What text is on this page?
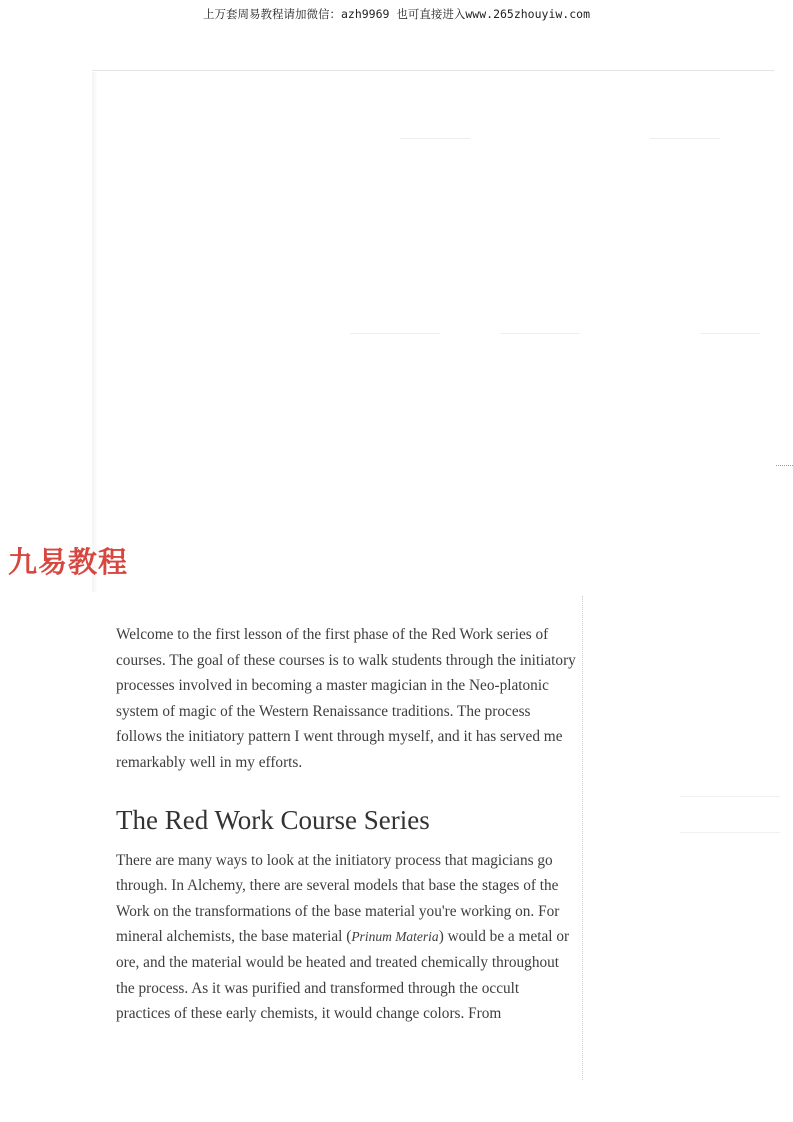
上万套周易教程请加微信：azh9969 也可直接进入www.265zhouyiw.com
九易教程

Welcome to the first lesson of the first phase of the Red Work series of courses. The goal of these courses is to walk students through the initiatory processes involved in becoming a master magician in the Neo-platonic system of magic of the Western Renaissance traditions. The process follows the initiatory pattern I went through myself, and it has served me remarkably well in my efforts.

The Red Work Course Series

There are many ways to look at the initiatory process that magicians go through. In Alchemy, there are several models that base the stages of the Work on the transformations of the base material you're working on. For mineral alchemists, the base material (Prinum Materia) would be a metal or ore, and the material would be heated and treated chemically throughout the process. As it was purified and transformed through the occult practices of these early chemists, it would change colors. From
